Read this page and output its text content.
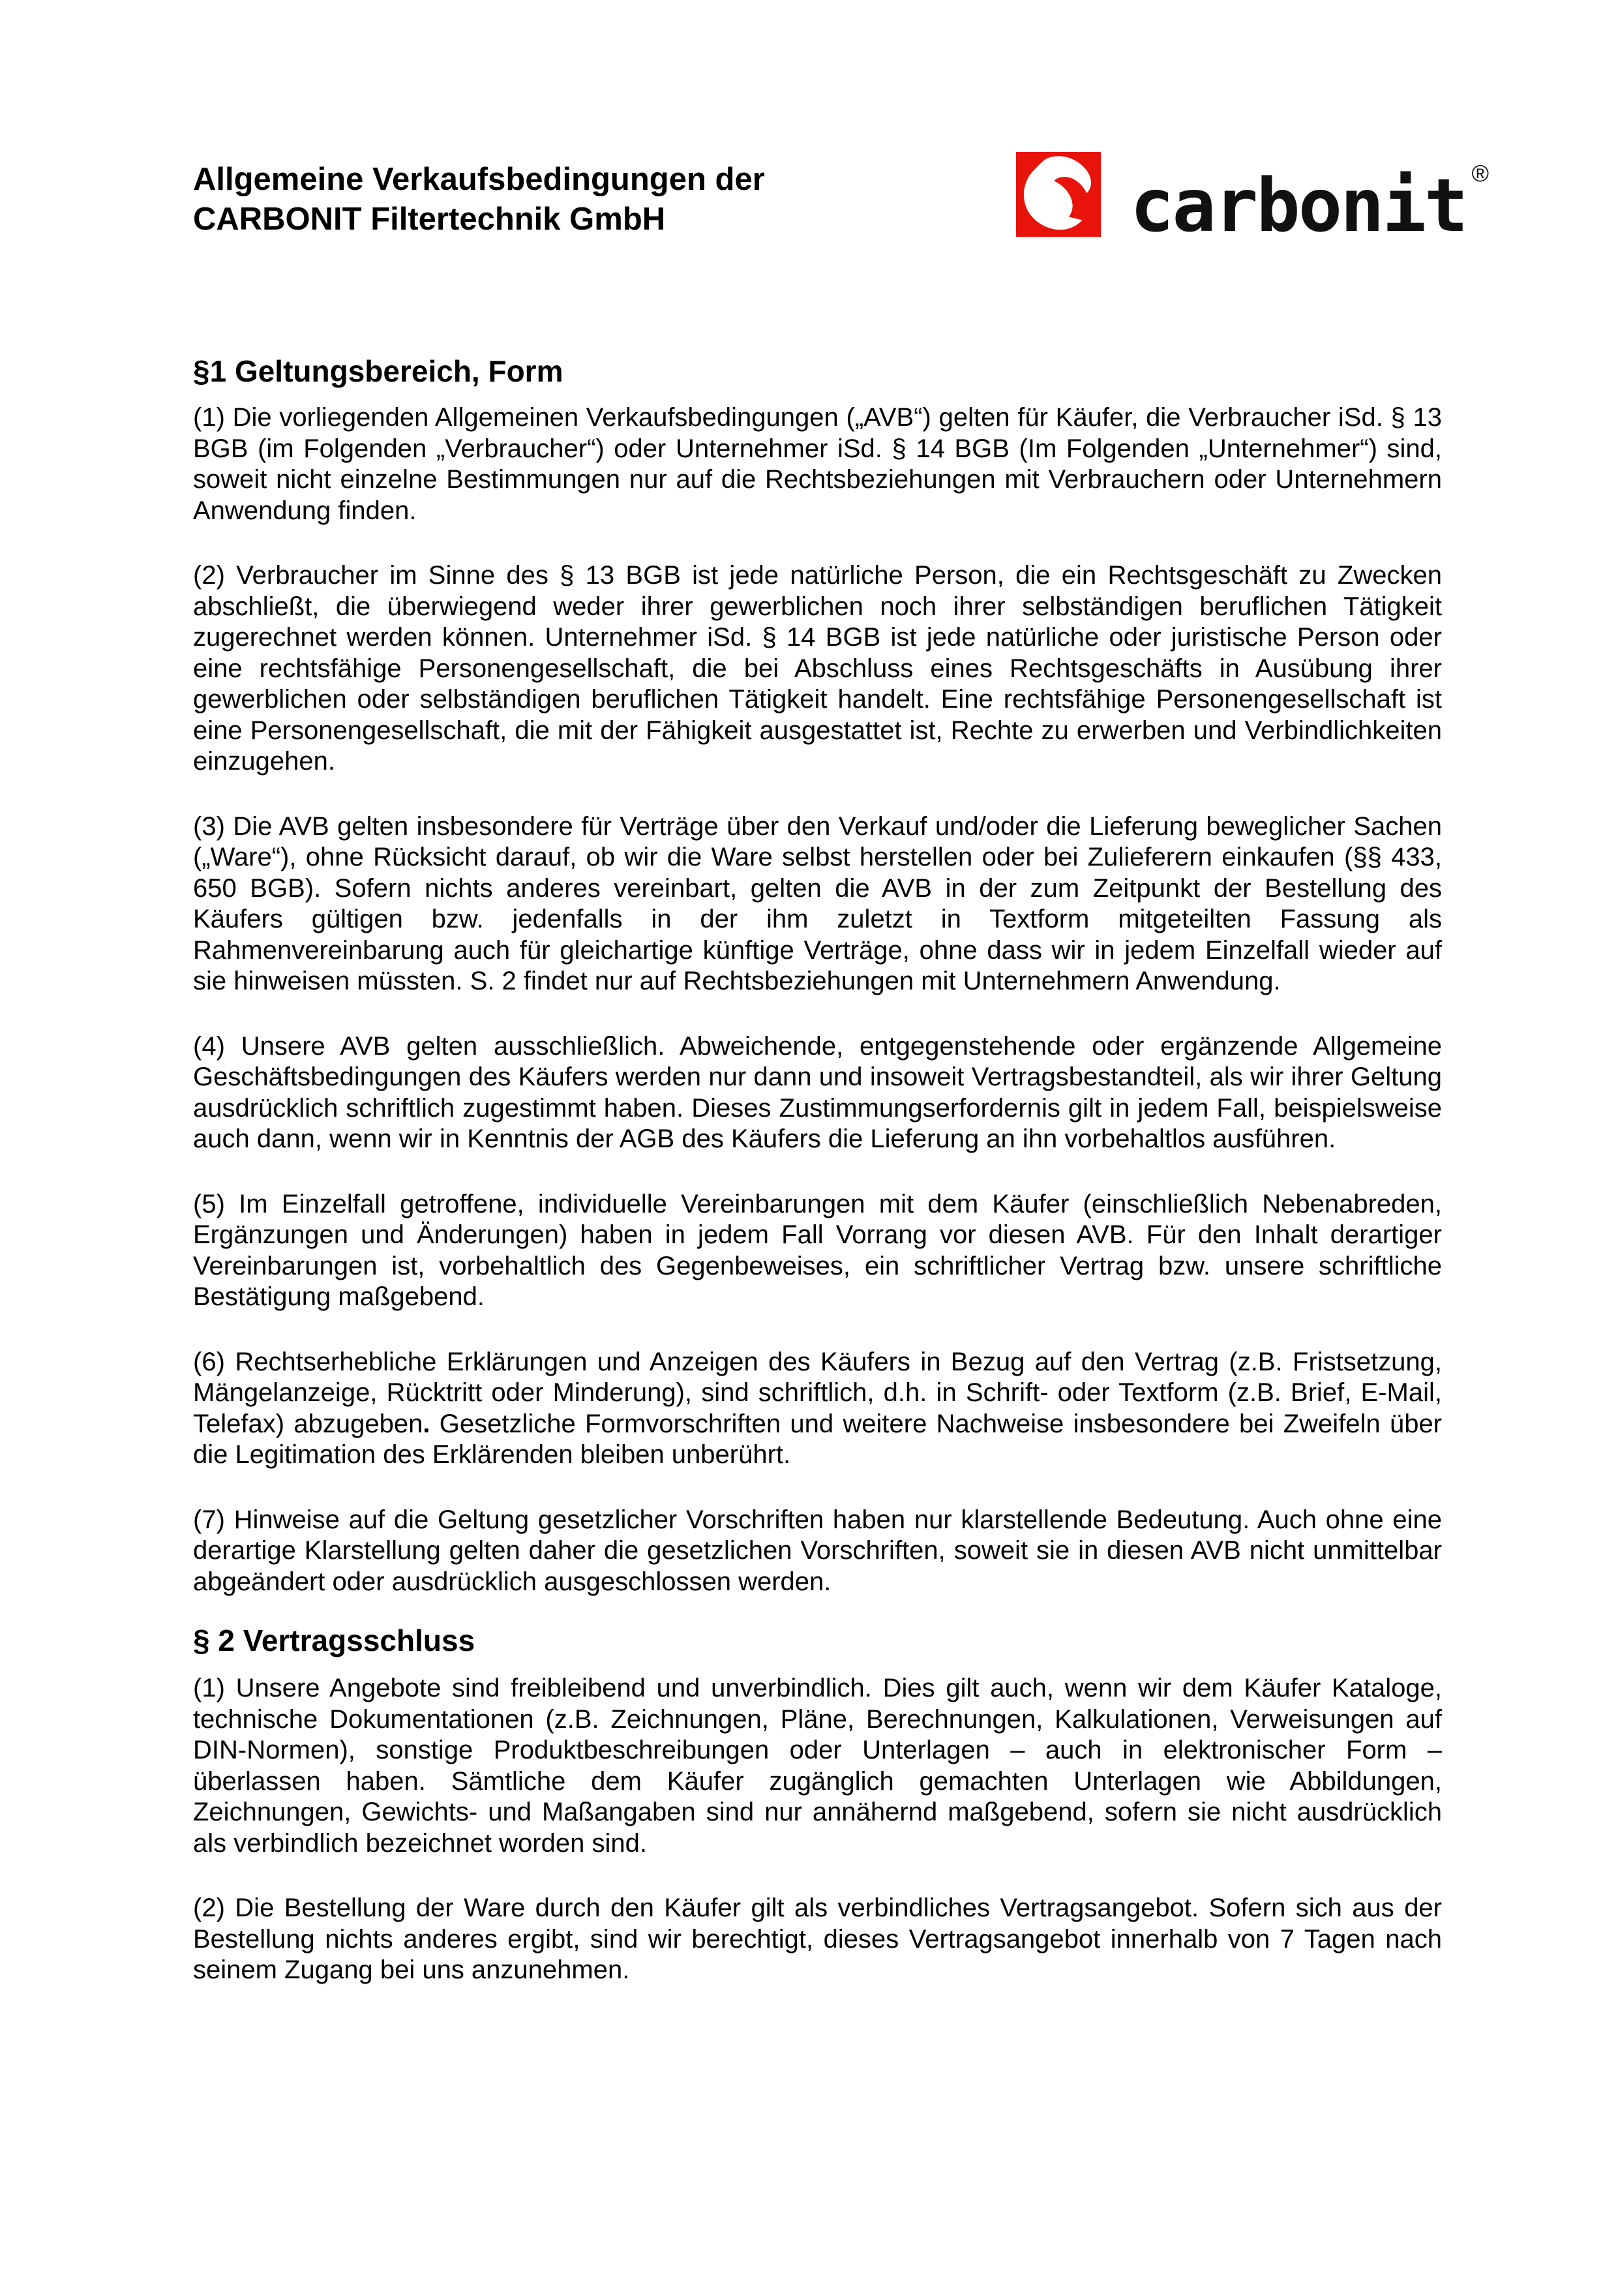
Allgemeine Verkaufsbedingungen der
CARBONIT Filtertechnik GmbH	carbonit ®
§1 Geltungsbereich, Form

(1) Die vorliegenden Allgemeinen Verkaufsbedingungen („AVB“) gelten für Käufer, die Verbraucher iSd. § 13 BGB (im Folgenden „Verbraucher“) oder Unternehmer iSd. § 14 BGB (Im Folgenden „Unternehmer“) sind, soweit nicht einzelne Bestimmungen nur auf die Rechtsbeziehungen mit Verbrauchern oder Unternehmern Anwendung finden.

(2) Verbraucher im Sinne des § 13 BGB ist jede natürliche Person, die ein Rechtsgeschäft zu Zwecken abschließt, die überwiegend weder ihrer gewerblichen noch ihrer selbständigen beruflichen Tätigkeit zugerechnet werden können. Unternehmer iSd. § 14 BGB ist jede natürliche oder juristische Person oder eine rechtsfähige Personengesellschaft, die bei Abschluss eines Rechtsgeschäfts in Ausübung ihrer gewerblichen oder selbständigen beruflichen Tätigkeit handelt. Eine rechtsfähige Personengesellschaft ist eine Personengesellschaft, die mit der Fähigkeit ausgestattet ist, Rechte zu erwerben und Verbindlichkeiten einzugehen.

(3) Die AVB gelten insbesondere für Verträge über den Verkauf und/oder die Lieferung beweglicher Sachen („Ware“), ohne Rücksicht darauf, ob wir die Ware selbst herstellen oder bei Zulieferern einkaufen (§§ 433, 650 BGB). Sofern nichts anderes vereinbart, gelten die AVB in der zum Zeitpunkt der Bestellung des Käufers gültigen bzw. jedenfalls in der ihm zuletzt in Textform mitgeteilten Fassung als Rahmenvereinbarung auch für gleichartige künftige Verträge, ohne dass wir in jedem Einzelfall wieder auf sie hinweisen müssten. S. 2 findet nur auf Rechtsbeziehungen mit Unternehmern Anwendung.

(4) Unsere AVB gelten ausschließlich. Abweichende, entgegenstehende oder ergänzende Allgemeine Geschäftsbedingungen des Käufers werden nur dann und insoweit Vertragsbestandteil, als wir ihrer Geltung ausdrücklich schriftlich zugestimmt haben. Dieses Zustimmungserfordernis gilt in jedem Fall, beispielsweise auch dann, wenn wir in Kenntnis der AGB des Käufers die Lieferung an ihn vorbehaltlos ausführen.

(5) Im Einzelfall getroffene, individuelle Vereinbarungen mit dem Käufer (einschließlich Nebenabreden, Ergänzungen und Änderungen) haben in jedem Fall Vorrang vor diesen AVB. Für den Inhalt derartiger Vereinbarungen ist, vorbehaltlich des Gegenbeweises, ein schriftlicher Vertrag bzw. unsere schriftliche Bestätigung maßgebend.

(6) Rechtserhebliche Erklärungen und Anzeigen des Käufers in Bezug auf den Vertrag (z.B. Fristsetzung, Mängelanzeige, Rücktritt oder Minderung), sind schriftlich, d.h. in Schrift- oder Textform (z.B. Brief, E-Mail, Telefax) abzugeben. Gesetzliche Formvorschriften und weitere Nachweise insbesondere bei Zweifeln über die Legitimation des Erklärenden bleiben unberührt.

(7) Hinweise auf die Geltung gesetzlicher Vorschriften haben nur klarstellende Bedeutung. Auch ohne eine derartige Klarstellung gelten daher die gesetzlichen Vorschriften, soweit sie in diesen AVB nicht unmittelbar abgeändert oder ausdrücklich ausgeschlossen werden.

§ 2 Vertragsschluss

(1) Unsere Angebote sind freibleibend und unverbindlich. Dies gilt auch, wenn wir dem Käufer Kataloge, technische Dokumentationen (z.B. Zeichnungen, Pläne, Berechnungen, Kalkulationen, Verweisungen auf DIN-Normen), sonstige Produktbeschreibungen oder Unterlagen – auch in elektronischer Form – überlassen haben. Sämtliche dem Käufer zugänglich gemachten Unterlagen wie Abbildungen, Zeichnungen, Gewichts- und Maßangaben sind nur annähernd maßgebend, sofern sie nicht ausdrücklich als verbindlich bezeichnet worden sind.

(2) Die Bestellung der Ware durch den Käufer gilt als verbindliches Vertragsangebot. Sofern sich aus der Bestellung nichts anderes ergibt, sind wir berechtigt, dieses Vertragsangebot innerhalb von 7 Tagen nach seinem Zugang bei uns anzunehmen.
